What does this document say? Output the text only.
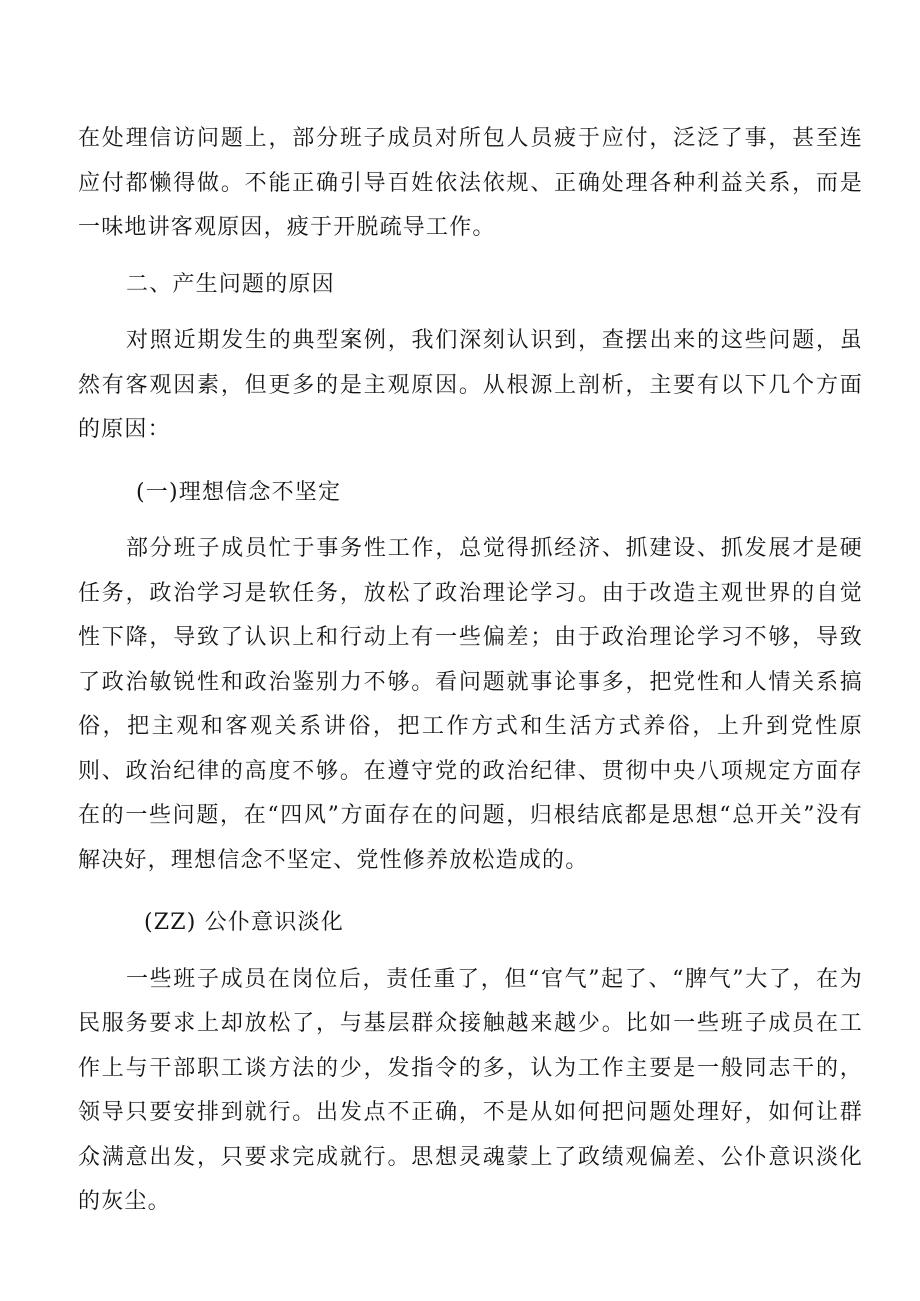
在处理信访问题上，部分班子成员对所包人员疲于应付，泛泛了事，甚至连应付都懒得做。不能正确引导百姓依法依规、正确处理各种利益关系，而是一味地讲客观原因，疲于开脱疏导工作。

二、产生问题的原因

对照近期发生的典型案例，我们深刻认识到，查摆出来的这些问题，虽然有客观因素，但更多的是主观原因。从根源上剖析，主要有以下几个方面的原因：

(一)理想信念不坚定

部分班子成员忙于事务性工作，总觉得抓经济、抓建设、抓发展才是硬任务，政治学习是软任务，放松了政治理论学习。由于改造主观世界的自觉性下降，导致了认识上和行动上有一些偏差；由于政治理论学习不够，导致了政治敏锐性和政治鉴别力不够。看问题就事论事多，把党性和人情关系搞俗，把主观和客观关系讲俗，把工作方式和生活方式养俗，上升到党性原则、政治纪律的高度不够。在遵守党的政治纪律、贯彻中央八项规定方面存在的一些问题，在“四风”方面存在的问题，归根结底都是思想“总开关”没有解决好，理想信念不坚定、党性修养放松造成的。

(ZZ) 公仆意识淡化

一些班子成员在岗位后，责任重了，但“官气”起了、“脾气”大了，在为民服务要求上却放松了，与基层群众接触越来越少。比如一些班子成员在工作上与干部职工谈方法的少，发指令的多，认为工作主要是一般同志干的，领导只要安排到就行。出发点不正确，不是从如何把问题处理好，如何让群众满意出发，只要求完成就行。思想灵魂蒙上了政绩观偏差、公仆意识淡化的灰尘。
